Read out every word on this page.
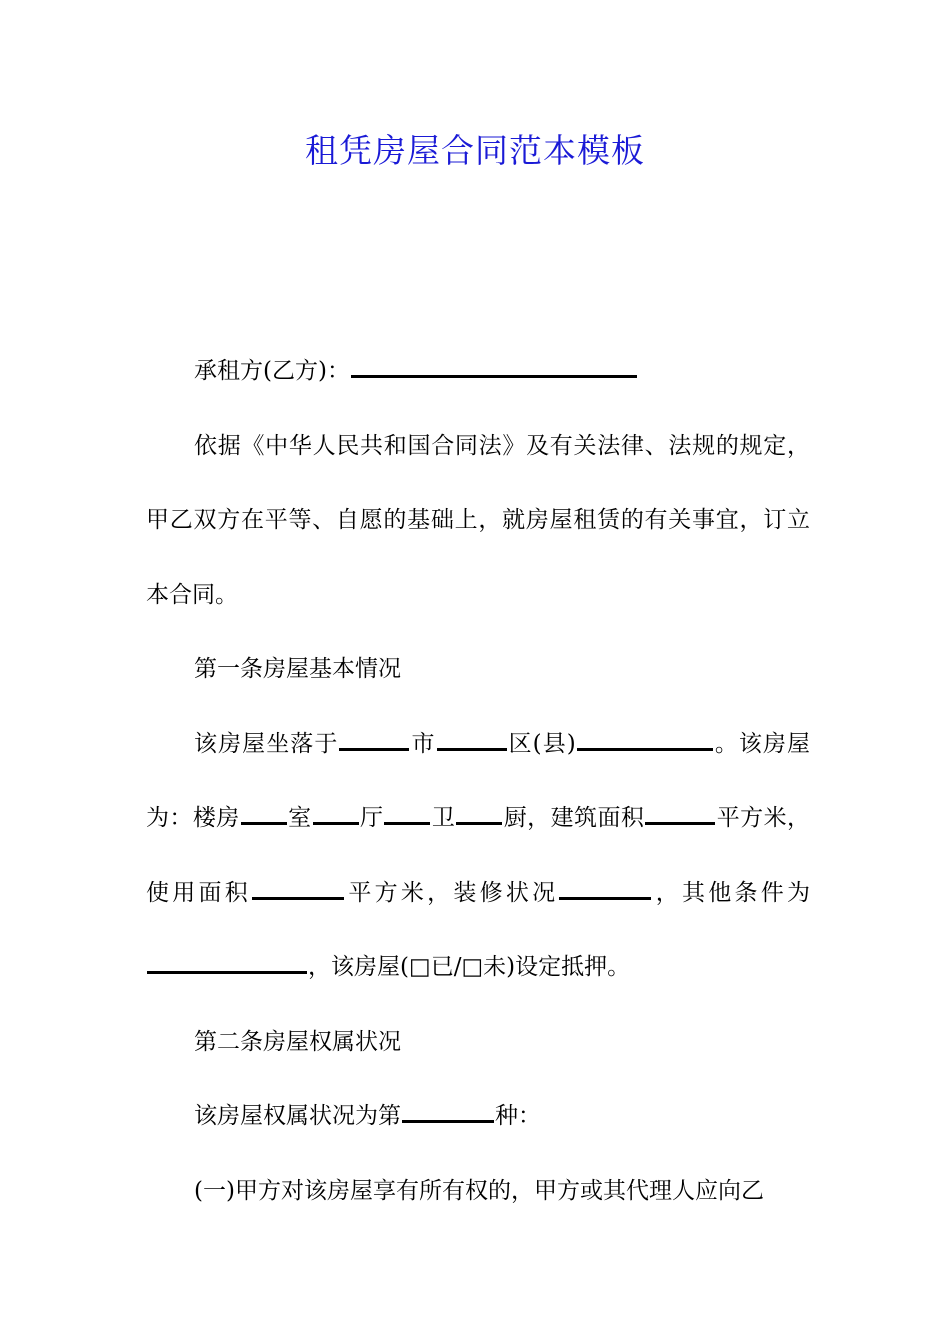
租凭房屋合同范本模板

承租方(乙方)：

依据《中华人民共和国合同法》及有关法律、法规的规定，甲乙双方在平等、自愿的基础上，就房屋租赁的有关事宜，订立本合同。

第一条房屋基本情况

该房屋坐落于	市	区(县)	。该房屋为：楼房 室 厅 卫 厨，建筑面积	平方米，使用面积	平方米，装修状况	，其他条件为，该房屋(□已/□未)设定抵押。

第二条房屋权属状况

该房屋权属状况为第	种：

(一)甲方对该房屋享有所有权的，甲方或其代理人应向乙
